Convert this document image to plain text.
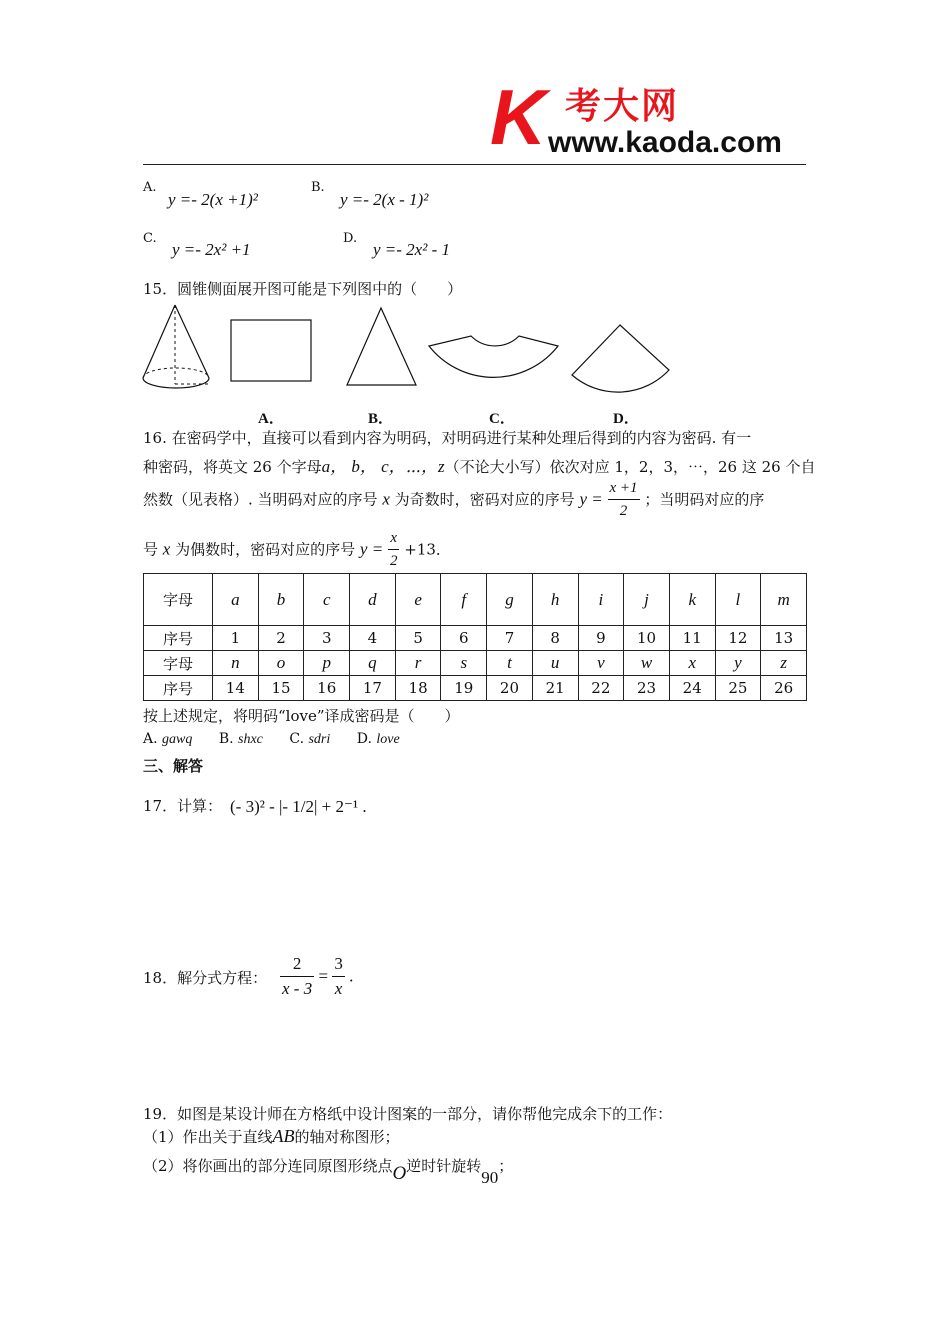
K 考大网
www.kaoda.com
A.
y =- 2(x +1)²
B.
y =- 2(x - 1)²
C.
y =- 2x² +1
D.
y =- 2x² - 1
15．圆锥侧面展开图可能是下列图中的（　　）
A．	B．	C．	D．
16. 在密码学中，直接可以看到内容为明码，对明码进行某种处理后得到的内容为密码. 有一
种密码，将英文 26 个字母a， b， c，⋯，z（不论大小写）依次对应 1，2，3，⋯，26 这 26 个自
然数（见表格）. 当明码对应的序号 x 为奇数时，密码对应的序号 $y = \frac{x +1}{2}$ ；当明码对应的序
号 x 为偶数时，密码对应的序号 $y = \frac{x}{2} +13$．
字母	a	b	c	d	e	f	g	h	i	j	k	l	m
序号	1	2	3	4	5	6	7	8	9	10	11	12	13
字母	n	o	p	q	r	s	t	u	v	w	x	y	z
序号	14	15	16	17	18	19	20	21	22	23	24	25	26
按上述规定，将明码“love”译成密码是（　　）
A. gawq B. shxc C. sdri D. love
三、解答
17．计算： (- 3)² - |- 1/2| + 2⁻¹ .
18．解分式方程： $\frac{2}{x - 3} = \frac{3}{x}$ .
19．如图是某设计师在方格纸中设计图案的一部分，请你帮他完成余下的工作：
（1）作出关于直线AB的轴对称图形；
（2）将你画出的部分连同原图形绕点O逆时针旋转90；
